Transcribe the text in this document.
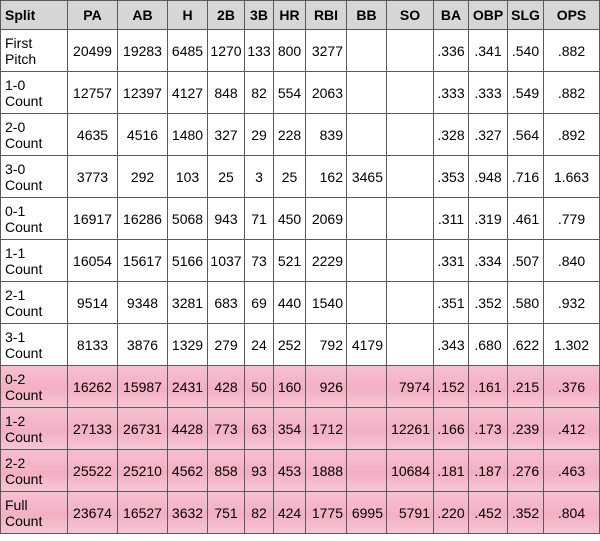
Split	PA	AB	H	2B	3B	HR	RBI	BB	SO	BA	OBP	SLG	OPS
First Pitch	20499	19283	6485	1270	133	800	3277			.336	.341	.540	.882
1-0 Count	12757	12397	4127	848	82	554	2063			.333	.333	.549	.882
2-0 Count	4635	4516	1480	327	29	228	839			.328	.327	.564	.892
3-0 Count	3773	292	103	25	3	25	162	3465		.353	.948	.716	1.663
0-1 Count	16917	16286	5068	943	71	450	2069			.311	.319	.461	.779
1-1 Count	16054	15617	5166	1037	73	521	2229			.331	.334	.507	.840
2-1 Count	9514	9348	3281	683	69	440	1540			.351	.352	.580	.932
3-1 Count	8133	3876	1329	279	24	252	792	4179		.343	.680	.622	1.302
0-2 Count	16262	15987	2431	428	50	160	926		7974	.152	.161	.215	.376
1-2 Count	27133	26731	4428	773	63	354	1712		12261	.166	.173	.239	.412
2-2 Count	25522	25210	4562	858	93	453	1888		10684	.181	.187	.276	.463
Full Count	23674	16527	3632	751	82	424	1775	6995	5791	.220	.452	.352	.804
